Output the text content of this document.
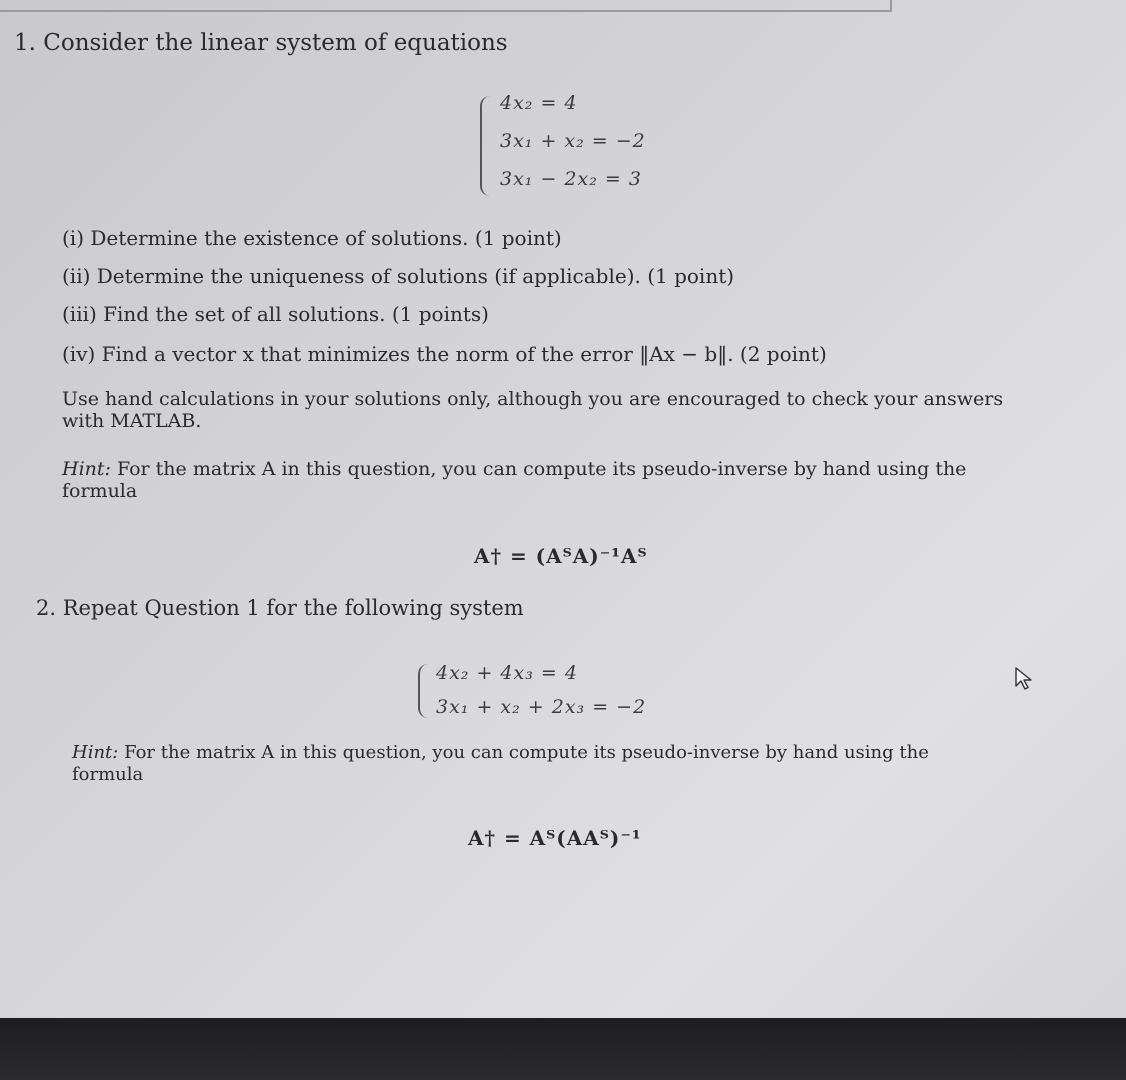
1. Consider the linear system of equations
4x₂ = 4
3x₁ + x₂ = −2
3x₁ − 2x₂ = 3
(i) Determine the existence of solutions. (1 point)
(ii) Determine the uniqueness of solutions (if applicable). (1 point)
(iii) Find the set of all solutions. (1 points)
(iv) Find a vector x that minimizes the norm of the error ‖Ax − b‖. (2 point)
Use hand calculations in your solutions only, although you are encouraged to check your answers
with MATLAB.
Hint: For the matrix A in this question, you can compute its pseudo-inverse by hand using the
formula
A† = (AᵀA)⁻¹Aᵀ
2. Repeat Question 1 for the following system
4x₂ + 4x₃ = 4
3x₁ + x₂ + 2x₃ = −2
Hint: For the matrix A in this question, you can compute its pseudo-inverse by hand using the
formula
A† = Aᵀ(AAᵀ)⁻¹
